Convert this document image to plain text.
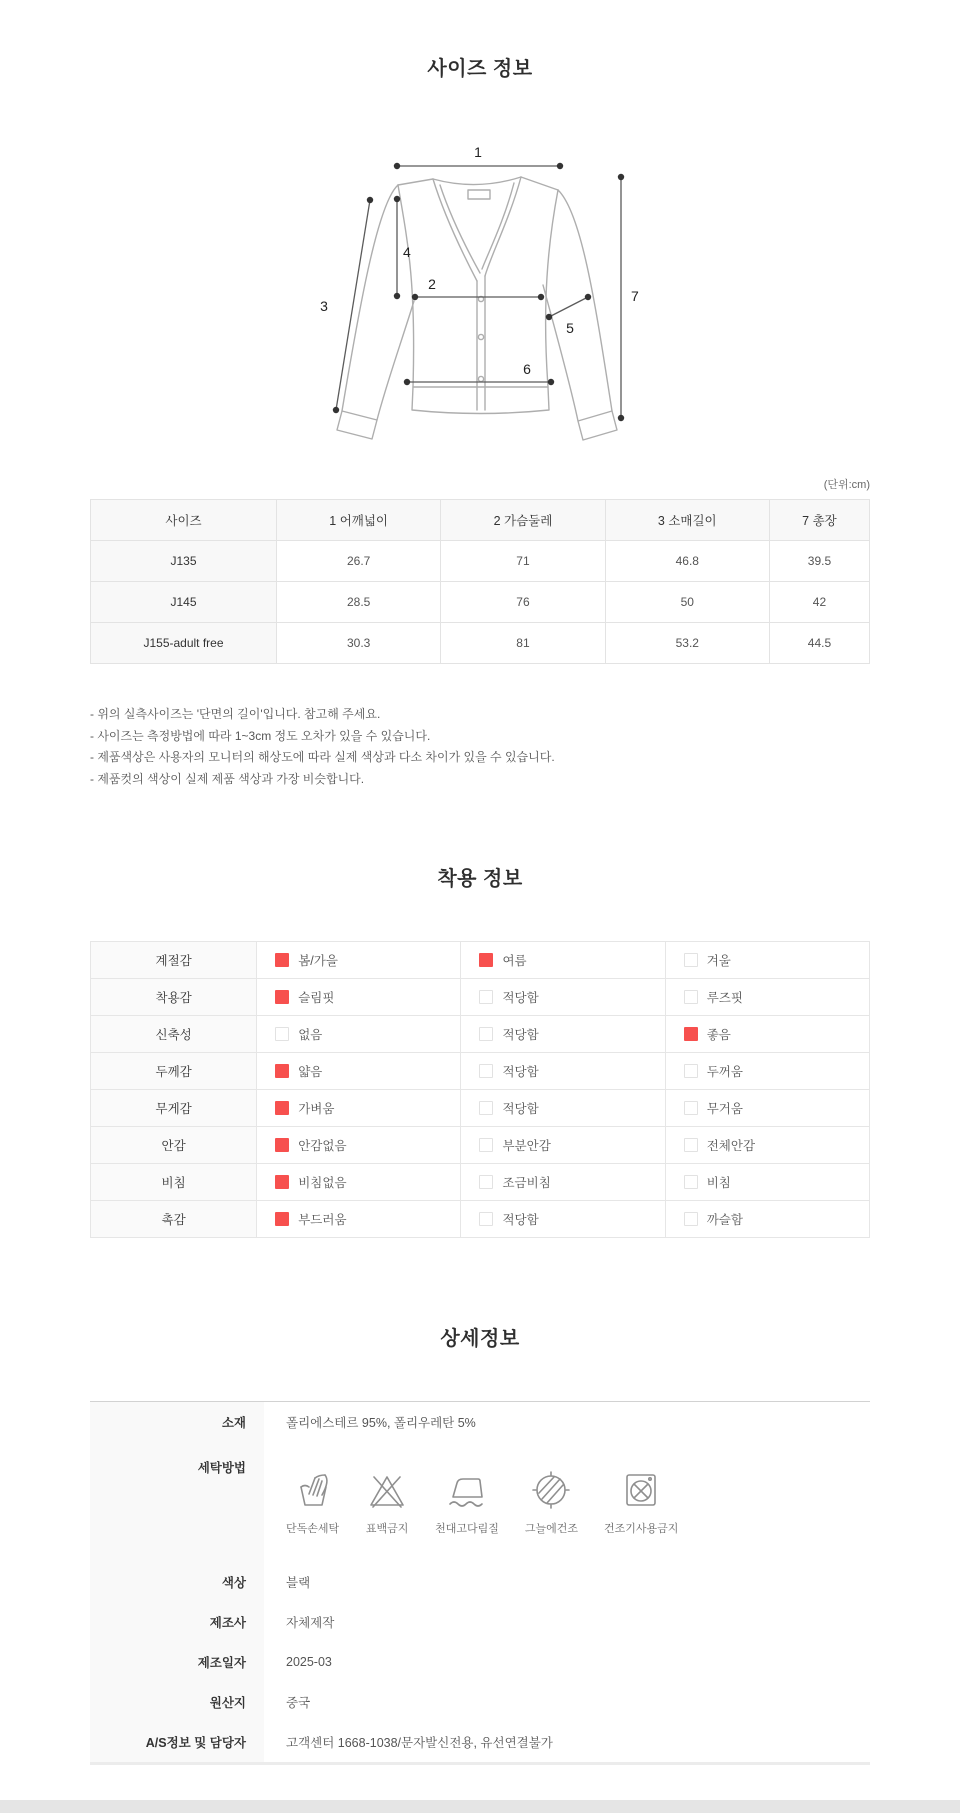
사이즈 정보
1
2
3
4
5
6
7
(단위:cm)
사이즈	1 어깨넓이	2 가슴둘레	3 소매길이	7 총장
J135	26.7	71	46.8	39.5
J145	28.5	76	50	42
J155-adult free	30.3	81	53.2	44.5

- 위의 실측사이즈는 '단면의 길이'입니다. 참고해 주세요.

- 사이즈는 측정방법에 따라 1~3cm 정도 오차가 있을 수 있습니다.

- 제품색상은 사용자의 모니터의 해상도에 따라 실제 색상과 다소 차이가 있을 수 있습니다.

- 제품컷의 색상이 실제 제품 색상과 가장 비슷합니다.

착용 정보
계절감	봄/가을	여름	겨울
착용감	슬림핏	적당함	루즈핏
신축성	없음	적당함	좋음
두께감	얇음	적당함	두꺼움
무게감	가벼움	적당함	무거움
안감	안감없음	부분안감	전체안감
비침	비침없음	조금비침	비침
촉감	부드러움	적당함	까슬함
상세정보
소재	폴리에스테르 95%, 폴리우레탄 5%
세탁방법	단독손세탁 표백금지 천대고다림질 그늘에건조 건조기사용금지

색상	블랙
제조사	자체제작
제조일자	2025-03
원산지	중국
A/S정보 및 담당자	고객센터 1668-1038/문자발신전용, 유선연결불가
